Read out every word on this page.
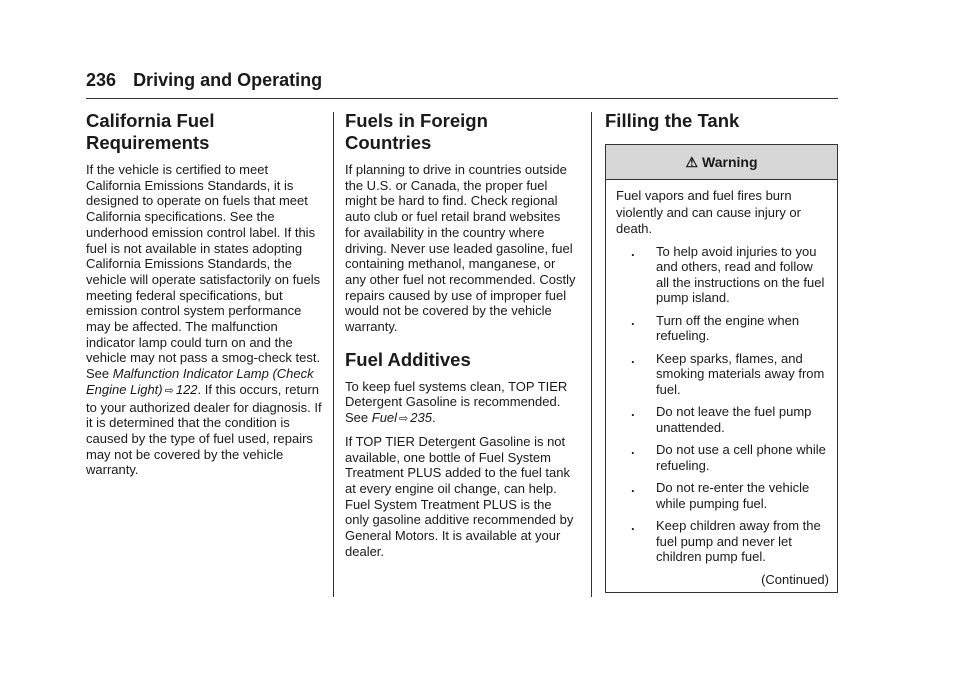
236 Driving and Operating
California Fuel Requirements

If the vehicle is certified to meet California Emissions Standards, it is designed to operate on fuels that meet California specifications. See the underhood emission control label. If this fuel is not available in states adopting California Emissions Standards, the vehicle will operate satisfactorily on fuels meeting federal specifications, but emission control system performance may be affected. The malfunction indicator lamp could turn on and the vehicle may not pass a smog-check test. See Malfunction Indicator Lamp (Check Engine Light) ⇨ 122. If this occurs, return to your authorized dealer for diagnosis. If it is determined that the condition is caused by the type of fuel used, repairs may not be covered by the vehicle warranty.

Fuels in Foreign Countries

If planning to drive in countries outside the U.S. or Canada, the proper fuel might be hard to find. Check regional auto club or fuel retail brand websites for availability in the country where driving. Never use leaded gasoline, fuel containing methanol, manganese, or any other fuel not recommended. Costly repairs caused by use of improper fuel would not be covered by the vehicle warranty.

Fuel Additives

To keep fuel systems clean, TOP TIER Detergent Gasoline is recommended. See Fuel ⇨ 235.

If TOP TIER Detergent Gasoline is not available, one bottle of Fuel System Treatment PLUS added to the fuel tank at every engine oil change, can help. Fuel System Treatment PLUS is the only gasoline additive recommended by General Motors. It is available at your dealer.

Filling the Tank
⚠ Warning

Fuel vapors and fuel fires burn violently and can cause injury or death.

. To help avoid injuries to you and others, read and follow all the instructions on the fuel pump island.
. Turn off the engine when refueling.
. Keep sparks, flames, and smoking materials away from fuel.
. Do not leave the fuel pump unattended.
. Do not use a cell phone while refueling.
. Do not re-enter the vehicle while pumping fuel.
. Keep children away from the fuel pump and never let children pump fuel.

(Continued)
